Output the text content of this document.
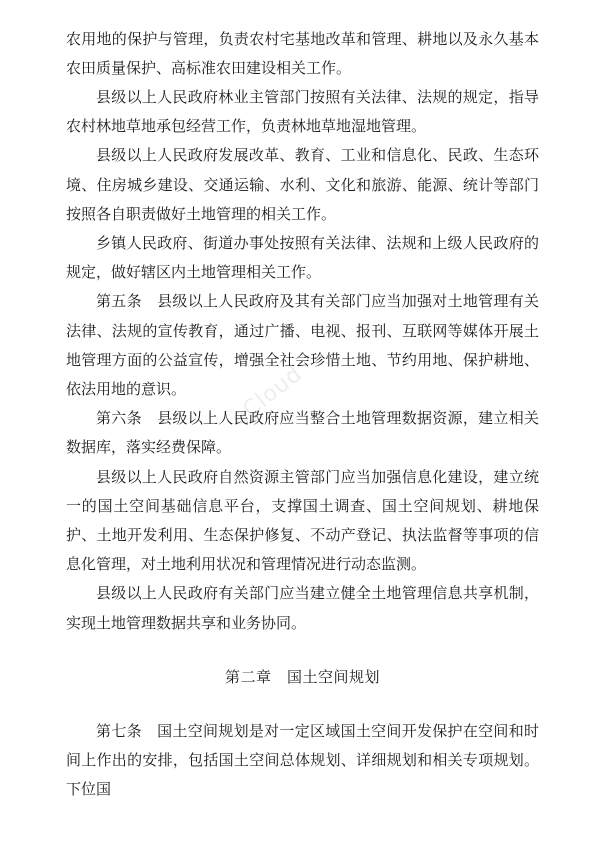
农用地的保护与管理，负责农村宅基地改革和管理、耕地以及永久基本农田质量保护、高标准农田建设相关工作。

县级以上人民政府林业主管部门按照有关法律、法规的规定，指导农村林地草地承包经营工作，负责林地草地湿地管理。

县级以上人民政府发展改革、教育、工业和信息化、民政、生态环境、住房城乡建设、交通运输、水利、文化和旅游、能源、统计等部门按照各自职责做好土地管理的相关工作。

乡镇人民政府、街道办事处按照有关法律、法规和上级人民政府的规定，做好辖区内土地管理相关工作。

第五条　县级以上人民政府及其有关部门应当加强对土地管理有关法律、法规的宣传教育，通过广播、电视、报刊、互联网等媒体开展土地管理方面的公益宣传，增强全社会珍惜土地、节约用地、保护耕地、依法用地的意识。

第六条　县级以上人民政府应当整合土地管理数据资源，建立相关数据库，落实经费保障。

县级以上人民政府自然资源主管部门应当加强信息化建设，建立统一的国土空间基础信息平台，支撑国土调查、国土空间规划、耕地保护、土地开发利用、生态保护修复、不动产登记、执法监督等事项的信息化管理，对土地利用状况和管理情况进行动态监测。

县级以上人民政府有关部门应当建立健全土地管理信息共享机制，实现土地管理数据共享和业务协同。

第二章　国土空间规划

第七条　国土空间规划是对一定区域国土空间开发保护在空间和时间上作出的安排，包括国土空间总体规划、详细规划和相关专项规划。下位国

eCloud
